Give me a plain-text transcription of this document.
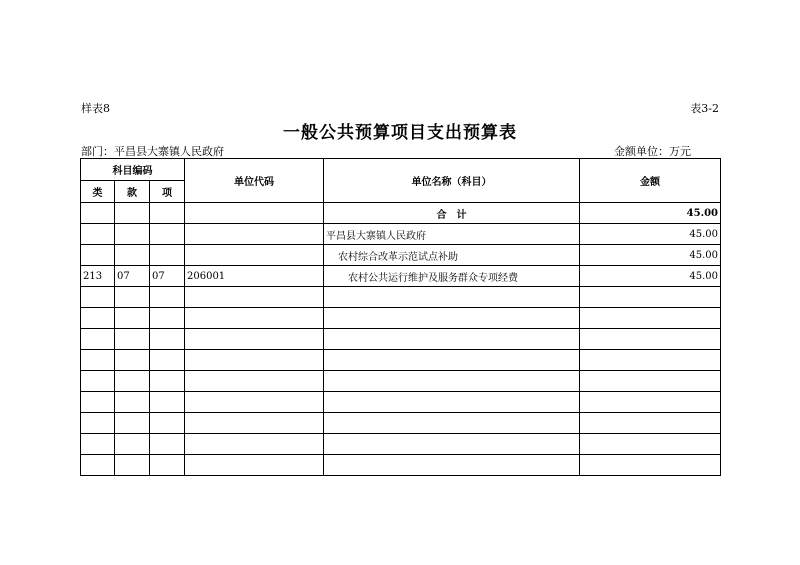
样表8	表3-2
一般公共预算项目支出预算表
部门：平昌县大寨镇人民政府	金额单位：万元
科目编码			单位代码	单位名称（科目）	金额
类	款	项			
				合　计	45.00
				平昌县大寨镇人民政府	45.00
				农村综合改革示范试点补助	45.00
213	07	07	206001	农村公共运行维护及服务群众专项经费	45.00
